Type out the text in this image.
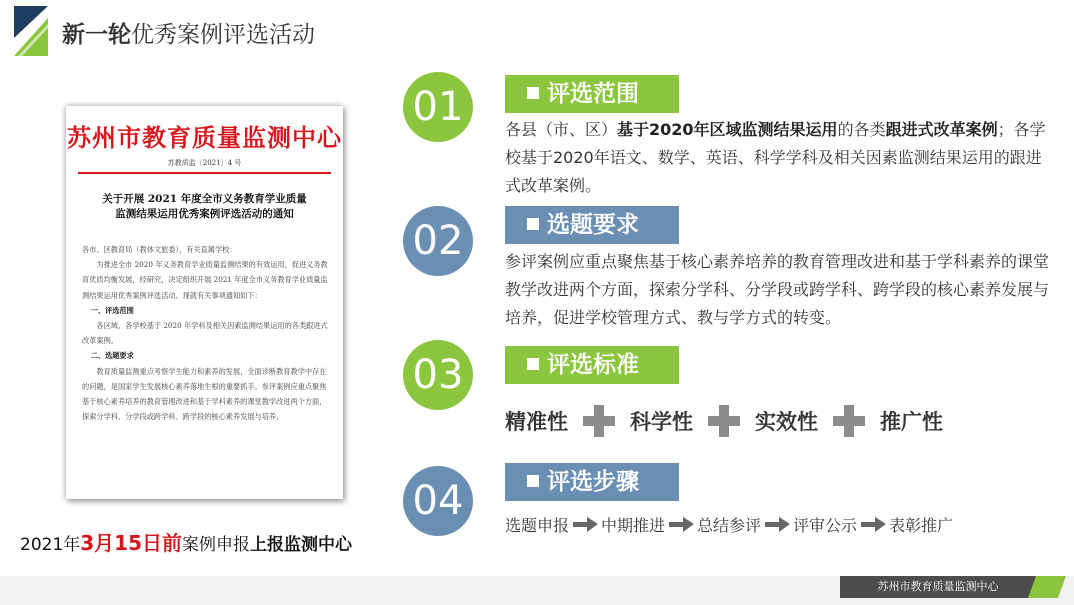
新一轮优秀案例评选活动
苏州市教育质量监测中心
苏教质监〔2021〕4 号
关于开展 2021 年度全市义务教育学业质量
监测结果运用优秀案例评选活动的通知

各市、区教育局（教体文旅委），有关直属学校：

为推进全市 2020 年义务教育学业质量监测结果的有效运用，促进义务教育优质均衡发展，经研究，决定组织开展 2021 年度全市义务教育学业质量监测结果运用优秀案例评选活动。现就有关事项通知如下：

一、评选范围

各区域、各学校基于 2020 年学科及相关因素监测结果运用的各类跟进式改革案例。

二、选题要求

教育质量监测重点考察学生能力和素养的发展，全面诊断教育教学中存在的问题，是国家学生发展核心素养落地生根的重要抓手。参评案例应重点聚焦基于核心素养培养的教育管理改进和基于学科素养的课堂教学改进两个方面，探索分学科、分学段或跨学科、跨学段的核心素养发展与培养，

2021年3月15日前案例申报上报监测中心
01	评选范围
各县（市、区）基于2020年区域监测结果运用的各类跟进式改革案例；各学校基于2020年语文、数学、英语、科学学科及相关因素监测结果运用的跟进式改革案例。
02	选题要求
参评案例应重点聚焦基于核心素养培养的教育管理改进和基于学科素养的课堂教学改进两个方面，探索分学科、分学段或跨学科、跨学段的核心素养发展与培养，促进学校管理方式、教与学方式的转变。
03	评选标准
精准性	科学性	实效性	推广性
04	评选步骤
选题申报 中期推进 总结参评 评审公示 表彰推广
苏州市教育质量监测中心
